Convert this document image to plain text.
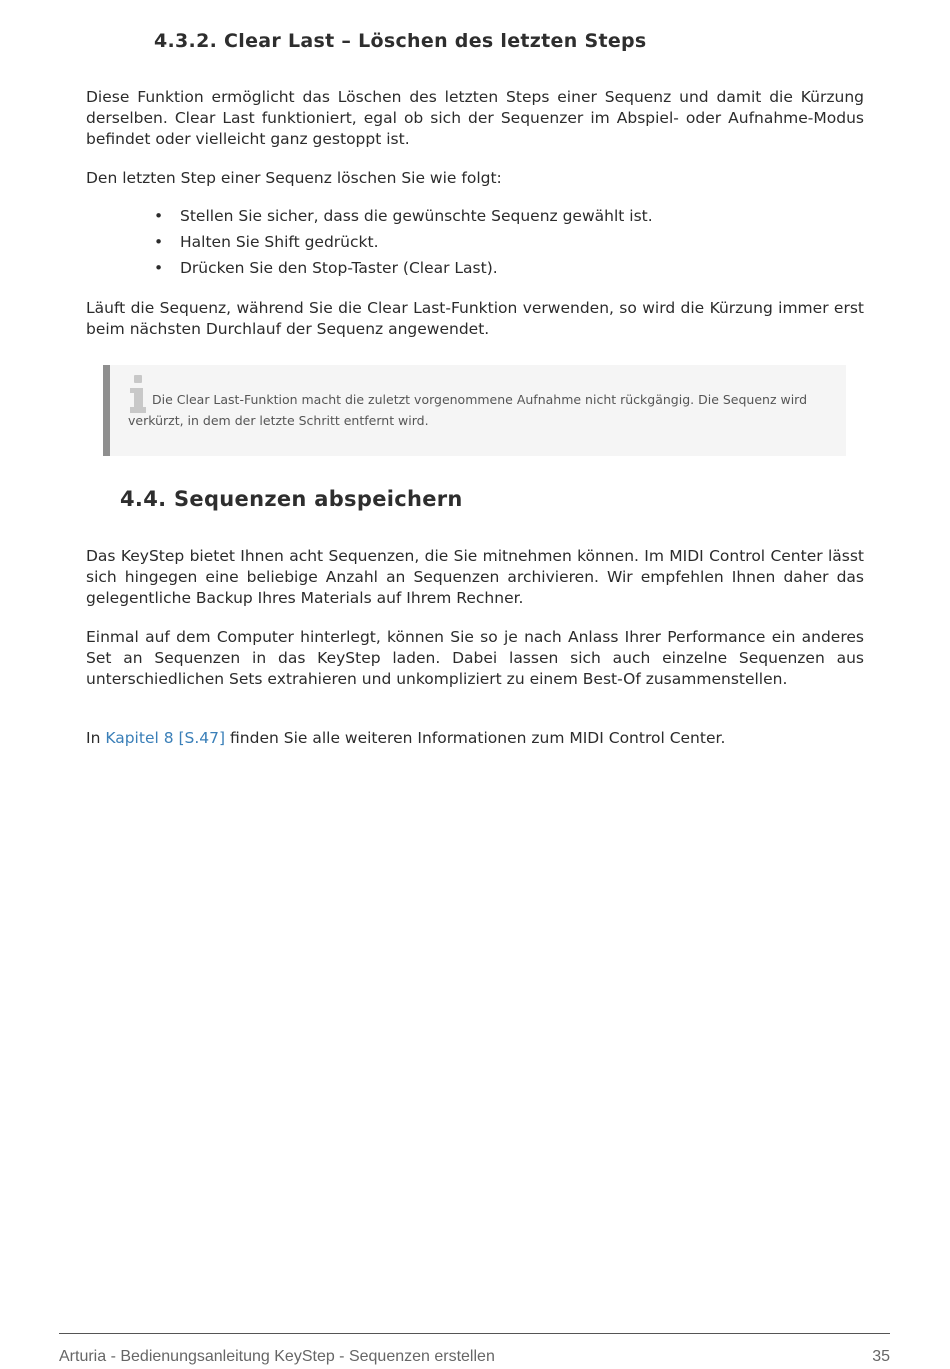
4.3.2. Clear Last – Löschen des letzten Steps

Diese Funktion ermöglicht das Löschen des letzten Steps einer Sequenz und damit die Kürzung derselben. Clear Last funktioniert, egal ob sich der Sequenzer im Abspiel- oder Aufnahme-Modus befindet oder vielleicht ganz gestoppt ist.

Den letzten Step einer Sequenz löschen Sie wie folgt:

• Stellen Sie sicher, dass die gewünschte Sequenz gewählt ist.
• Halten Sie Shift gedrückt.
• Drücken Sie den Stop-Taster (Clear Last).

Läuft die Sequenz, während Sie die Clear Last-Funktion verwenden, so wird die Kürzung immer erst beim nächsten Durchlauf der Sequenz angewendet.

Die Clear Last-Funktion macht die zuletzt vorgenommene Aufnahme nicht rückgängig. Die Sequenz wird verkürzt, in dem der letzte Schritt entfernt wird.

4.4. Sequenzen abspeichern

Das KeyStep bietet Ihnen acht Sequenzen, die Sie mitnehmen können. Im MIDI Control Center lässt sich hingegen eine beliebige Anzahl an Sequenzen archivieren. Wir empfehlen Ihnen daher das gelegentliche Backup Ihres Materials auf Ihrem Rechner.

Einmal auf dem Computer hinterlegt, können Sie so je nach Anlass Ihrer Performance ein anderes Set an Sequenzen in das KeyStep laden. Dabei lassen sich auch einzelne Sequenzen aus unterschiedlichen Sets extrahieren und unkompliziert zu einem Best-Of zusammenstellen.

In Kapitel 8 [S.47] finden Sie alle weiteren Informationen zum MIDI Control Center.

Arturia - Bedienungsanleitung KeyStep - Sequenzen erstellen	35
